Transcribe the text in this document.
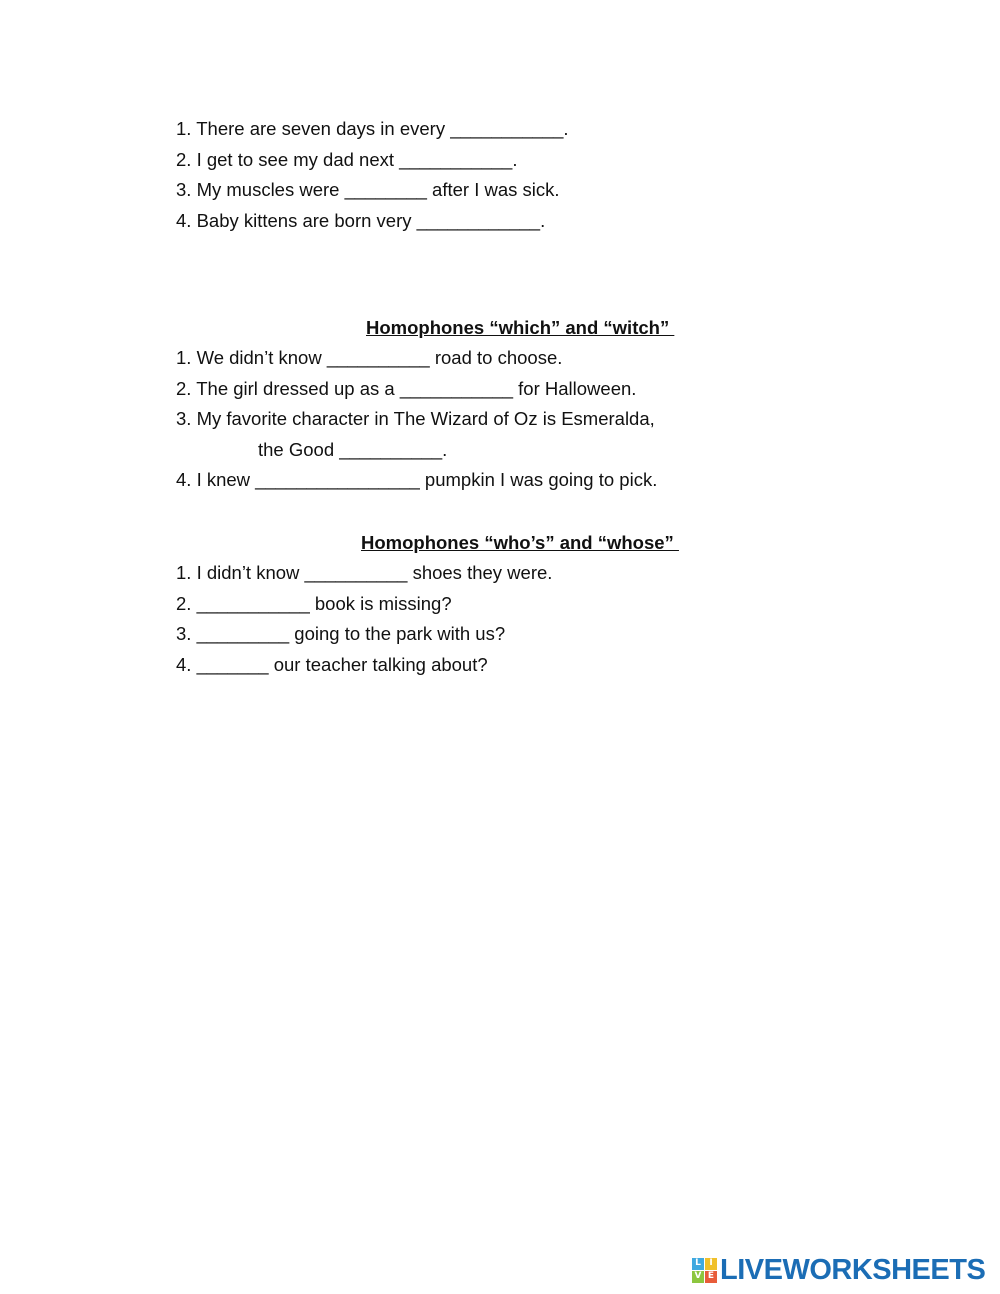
1. There are seven days in every ___________.
2. I get to see my dad next ___________.
3. My muscles were ________ after I was sick.
4. Baby kittens are born very ____________.
Homophones “which” and “witch”
1. We didn’t know __________ road to choose.
2. The girl dressed up as a ___________ for Halloween.
3. My favorite character in The Wizard of Oz is Esmeralda,
the Good __________.
4. I knew ________________ pumpkin I was going to pick.
Homophones “who’s” and “whose”
1. I didn’t know __________ shoes they were.
2. ___________ book is missing?
3. _________ going to the park with us?
4. _______ our teacher talking about?
L I
V E LIVEWORKSHEETS
